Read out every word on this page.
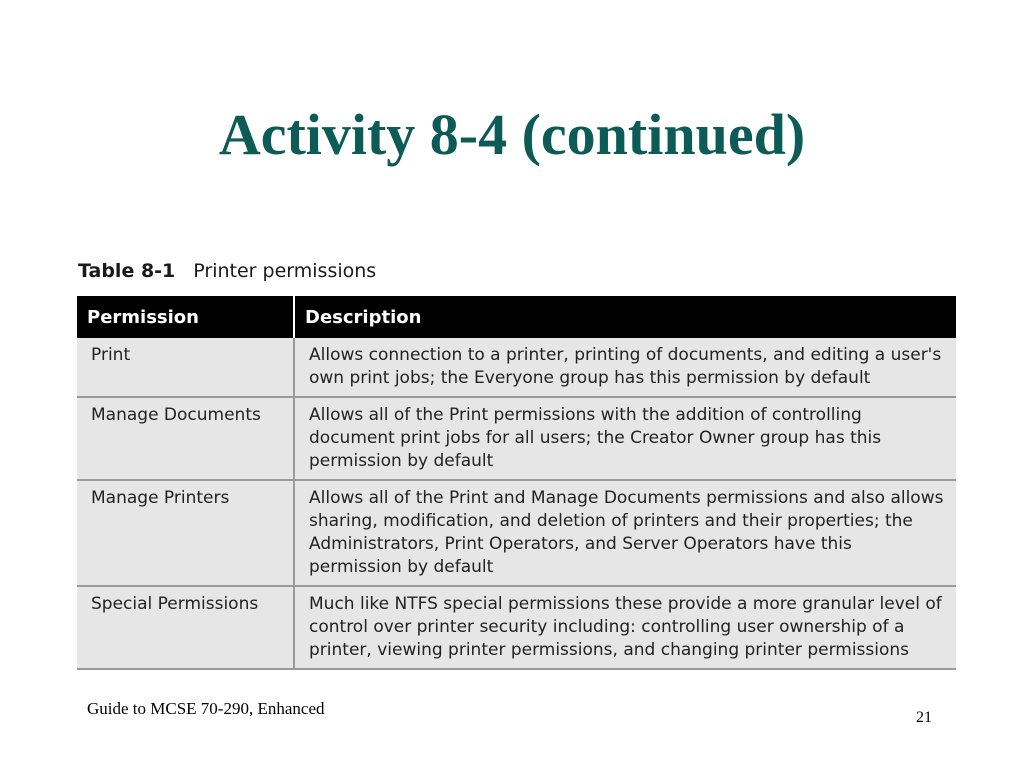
Activity 8-4 (continued)
Table 8-1 Printer permissions
Permission	Description
Print	Allows connection to a printer, printing of documents, and editing a user's own print jobs; the Everyone group has this permission by default
Manage Documents	Allows all of the Print permissions with the addition of controlling document print jobs for all users; the Creator Owner group has this permission by default
Manage Printers	Allows all of the Print and Manage Documents permissions and also allows sharing, modification, and deletion of printers and their properties; the Administrators, Print Operators, and Server Operators have this permission by default
Special Permissions	Much like NTFS special permissions these provide a more granular level of control over printer security including: controlling user ownership of a printer, viewing printer permissions, and changing printer permissions
Guide to MCSE 70-290, Enhanced	21
